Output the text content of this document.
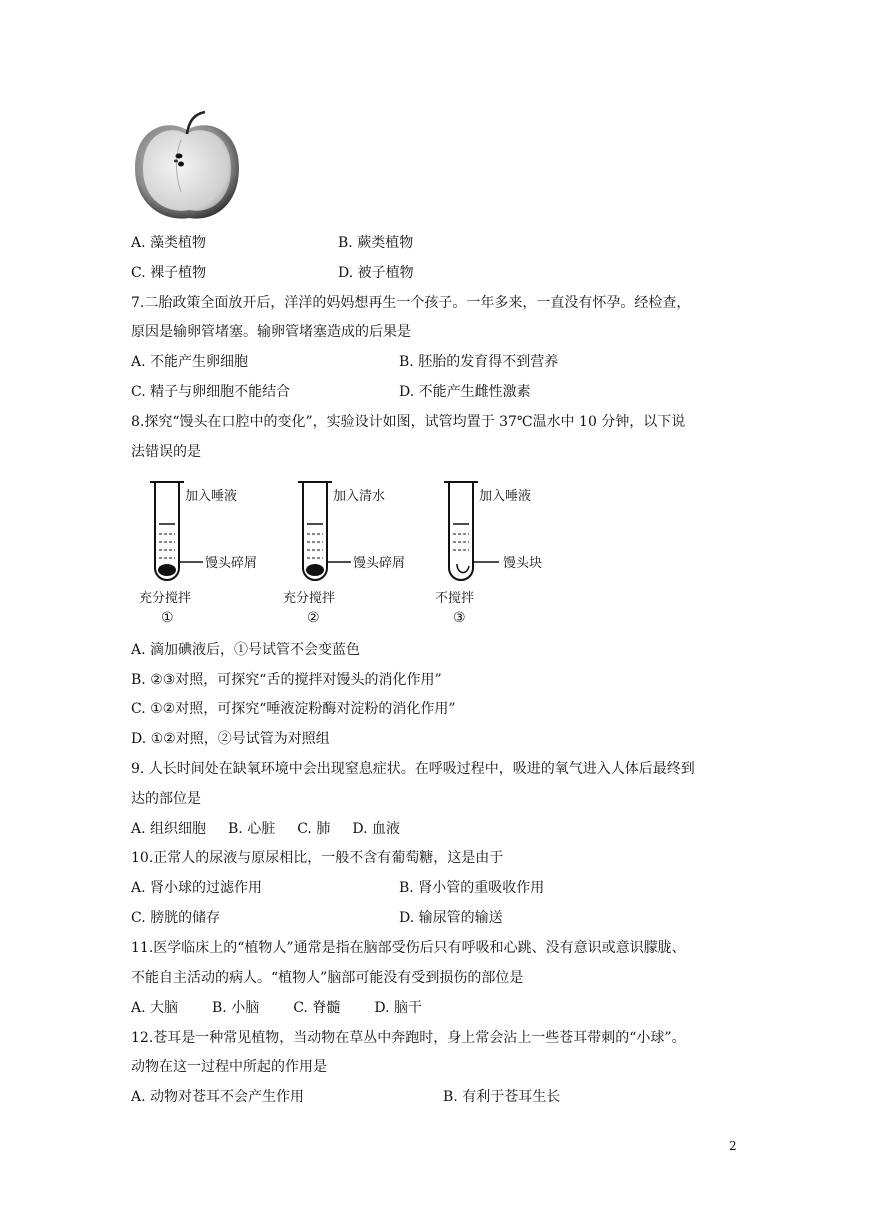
A. 藻类植物	B. 蕨类植物
C. 裸子植物	D. 被子植物
7.二胎政策全面放开后，洋洋的妈妈想再生一个孩子。一年多来，一直没有怀孕。经检查，
原因是输卵管堵塞。输卵管堵塞造成的后果是
A. 不能产生卵细胞	B. 胚胎的发育得不到营养
C. 精子与卵细胞不能结合	D. 不能产生雌性激素
8.探究“馒头在口腔中的变化”，实验设计如图，试管均置于 37℃温水中 10 分钟，以下说
法错误的是
加入唾液
馒头碎屑
充分搅拌
①
加入清水
馒头碎屑
充分搅拌
②
加入唾液
馒头块
不搅拌
③
A. 滴加碘液后，①号试管不会变蓝色
B. ②③对照，可探究“舌的搅拌对馒头的消化作用”
C. ①②对照，可探究“唾液淀粉酶对淀粉的消化作用”
D. ①②对照，②号试管为对照组
9. 人长时间处在缺氧环境中会出现窒息症状。在呼吸过程中，吸进的氧气进入人体后最终到
达的部位是
A. 组织细胞 B. 心脏 C. 肺 D. 血液
10.正常人的尿液与原尿相比，一般不含有葡萄糖，这是由于
A. 肾小球的过滤作用	B. 肾小管的重吸收作用
C. 膀胱的储存	D. 输尿管的输送
11.医学临床上的“植物人”通常是指在脑部受伤后只有呼吸和心跳、没有意识或意识朦胧、
不能自主活动的病人。“植物人”脑部可能没有受到损伤的部位是
A. 大脑 B. 小脑 C. 脊髓 D. 脑干
12.苍耳是一种常见植物，当动物在草丛中奔跑时，身上常会沾上一些苍耳带刺的“小球”。
动物在这一过程中所起的作用是
A. 动物对苍耳不会产生作用	B. 有利于苍耳生长
2
